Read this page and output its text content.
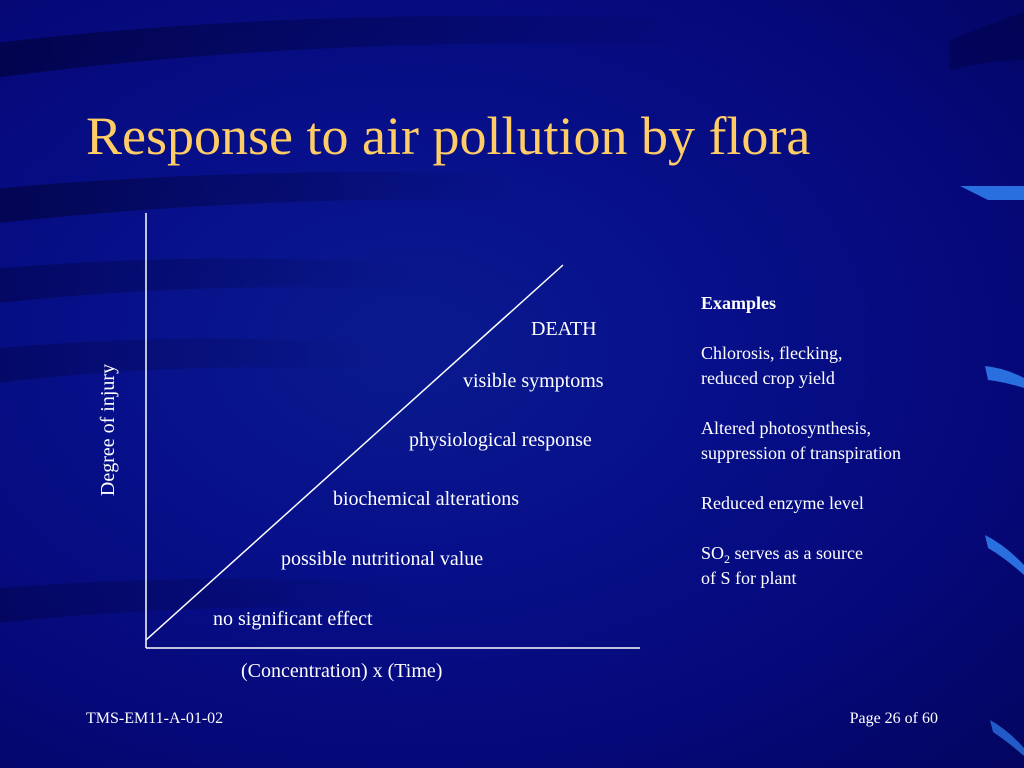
Response to air pollution by flora
Degree of injury
(Concentration) x (Time)
no significant effect
possible nutritional value
biochemical alterations
physiological response
visible symptoms
DEATH

Examples

Chlorosis, flecking,
reduced crop yield

Altered photosynthesis,
suppression of transpiration

Reduced enzyme level

$SO_2$ serves as a source
of S for plant

TMS-EM11-A-01-02	Page 26 of 60
